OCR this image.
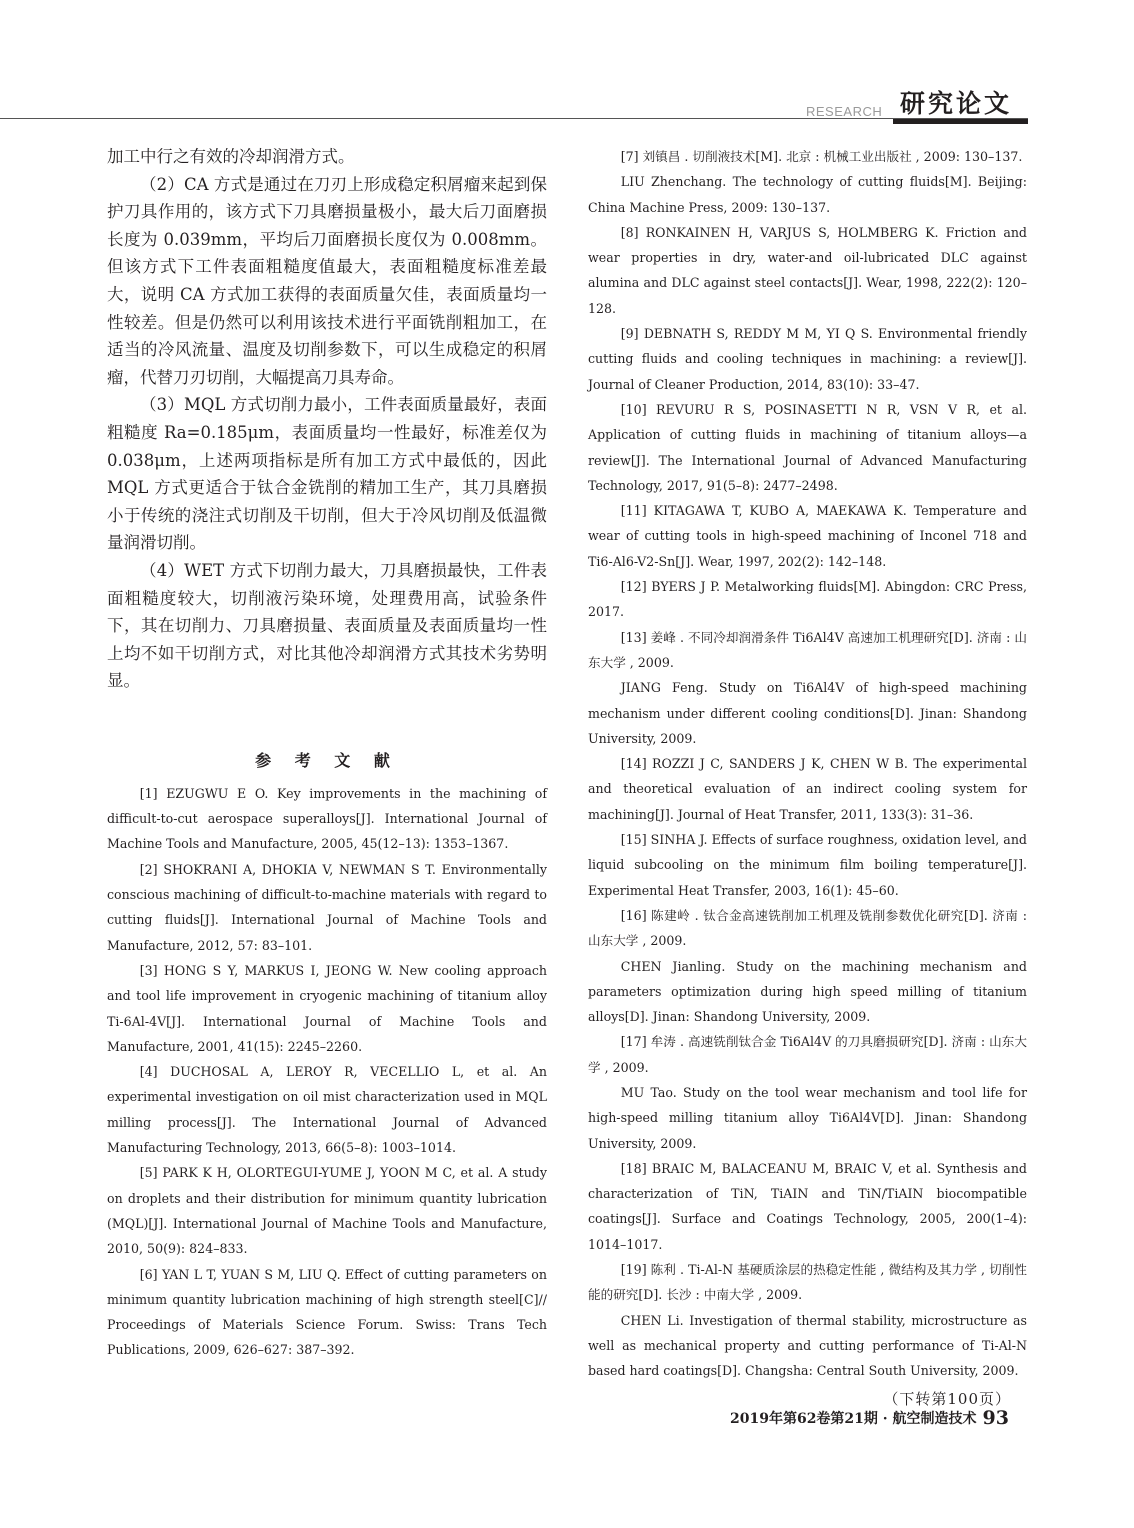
RESEARCH 研究论文

加工中行之有效的冷却润滑方式。

（2）CA 方式是通过在刀刃上形成稳定积屑瘤来起到保护刀具作用的，该方式下刀具磨损量极小，最大后刀面磨损长度为 0.039mm，平均后刀面磨损长度仅为 0.008mm。但该方式下工件表面粗糙度值最大，表面粗糙度标准差最大，说明 CA 方式加工获得的表面质量欠佳，表面质量均一性较差。但是仍然可以利用该技术进行平面铣削粗加工，在适当的冷风流量、温度及切削参数下，可以生成稳定的积屑瘤，代替刀刃切削，大幅提高刀具寿命。

（3）MQL 方式切削力最小，工件表面质量最好，表面粗糙度 Ra=0.185μm，表面质量均一性最好，标准差仅为 0.038μm，上述两项指标是所有加工方式中最低的，因此 MQL 方式更适合于钛合金铣削的精加工生产，其刀具磨损小于传统的浇注式切削及干切削，但大于冷风切削及低温微量润滑切削。

（4）WET 方式下切削力最大，刀具磨损最快，工件表面粗糙度较大，切削液污染环境，处理费用高，试验条件下，其在切削力、刀具磨损量、表面质量及表面质量均一性上均不如干切削方式，对比其他冷却润滑方式其技术劣势明显。

参 考 文 献

[1] EZUGWU E O. Key improvements in the machining of difficult-to-cut aerospace superalloys[J]. International Journal of Machine Tools and Manufacture, 2005, 45(12–13): 1353–1367.

[2] SHOKRANI A, DHOKIA V, NEWMAN S T. Environmentally conscious machining of difficult-to-machine materials with regard to cutting fluids[J]. International Journal of Machine Tools and Manufacture, 2012, 57: 83–101.

[3] HONG S Y, MARKUS I, JEONG W. New cooling approach and tool life improvement in cryogenic machining of titanium alloy Ti-6Al-4V[J]. International Journal of Machine Tools and Manufacture, 2001, 41(15): 2245–2260.

[4] DUCHOSAL A, LEROY R, VECELLIO L, et al. An experimental investigation on oil mist characterization used in MQL milling process[J]. The International Journal of Advanced Manufacturing Technology, 2013, 66(5–8): 1003–1014.

[5] PARK K H, OLORTEGUI-YUME J, YOON M C, et al. A study on droplets and their distribution for minimum quantity lubrication (MQL)[J]. International Journal of Machine Tools and Manufacture, 2010, 50(9): 824–833.

[6] YAN L T, YUAN S M, LIU Q. Effect of cutting parameters on minimum quantity lubrication machining of high strength steel[C]// Proceedings of Materials Science Forum. Swiss: Trans Tech Publications, 2009, 626–627: 387–392.

[7] 刘镇昌 . 切削液技术[M]. 北京 : 机械工业出版社 , 2009: 130–137.

LIU Zhenchang. The technology of cutting fluids[M]. Beijing: China Machine Press, 2009: 130–137.

[8] RONKAINEN H, VARJUS S, HOLMBERG K. Friction and wear properties in dry, water-and oil-lubricated DLC against alumina and DLC against steel contacts[J]. Wear, 1998, 222(2): 120–128.

[9] DEBNATH S, REDDY M M, YI Q S. Environmental friendly cutting fluids and cooling techniques in machining: a review[J]. Journal of Cleaner Production, 2014, 83(10): 33–47.

[10] REVURU R S, POSINASETTI N R, VSN V R, et al. Application of cutting fluids in machining of titanium alloys—a review[J]. The International Journal of Advanced Manufacturing Technology, 2017, 91(5–8): 2477–2498.

[11] KITAGAWA T, KUBO A, MAEKAWA K. Temperature and wear of cutting tools in high-speed machining of Inconel 718 and Ti6-Al6-V2-Sn[J]. Wear, 1997, 202(2): 142–148.

[12] BYERS J P. Metalworking fluids[M]. Abingdon: CRC Press, 2017.

[13] 姜峰 . 不同冷却润滑条件 Ti6Al4V 高速加工机理研究[D]. 济南 : 山东大学 , 2009.

JIANG Feng. Study on Ti6Al4V of high-speed machining mechanism under different cooling conditions[D]. Jinan: Shandong University, 2009.

[14] ROZZI J C, SANDERS J K, CHEN W B. The experimental and theoretical evaluation of an indirect cooling system for machining[J]. Journal of Heat Transfer, 2011, 133(3): 31–36.

[15] SINHA J. Effects of surface roughness, oxidation level, and liquid subcooling on the minimum film boiling temperature[J]. Experimental Heat Transfer, 2003, 16(1): 45–60.

[16] 陈建岭 . 钛合金高速铣削加工机理及铣削参数优化研究[D]. 济南 : 山东大学 , 2009.

CHEN Jianling. Study on the machining mechanism and parameters optimization during high speed milling of titanium alloys[D]. Jinan: Shandong University, 2009.

[17] 牟涛 . 高速铣削钛合金 Ti6Al4V 的刀具磨损研究[D]. 济南 : 山东大学 , 2009.

MU Tao. Study on the tool wear mechanism and tool life for high-speed milling titanium alloy Ti6Al4V[D]. Jinan: Shandong University, 2009.

[18] BRAIC M, BALACEANU M, BRAIC V, et al. Synthesis and characterization of TiN, TiAIN and TiN/TiAIN biocompatible coatings[J]. Surface and Coatings Technology, 2005, 200(1–4): 1014–1017.

[19] 陈利 . Ti-Al-N 基硬质涂层的热稳定性能 , 微结构及其力学 , 切削性能的研究[D]. 长沙 : 中南大学 , 2009.

CHEN Li. Investigation of thermal stability, microstructure as well as mechanical property and cutting performance of Ti-Al-N based hard coatings[D]. Changsha: Central South University, 2009.

（下转第100页）
2019年第62卷第21期 · 航空制造技术 93
